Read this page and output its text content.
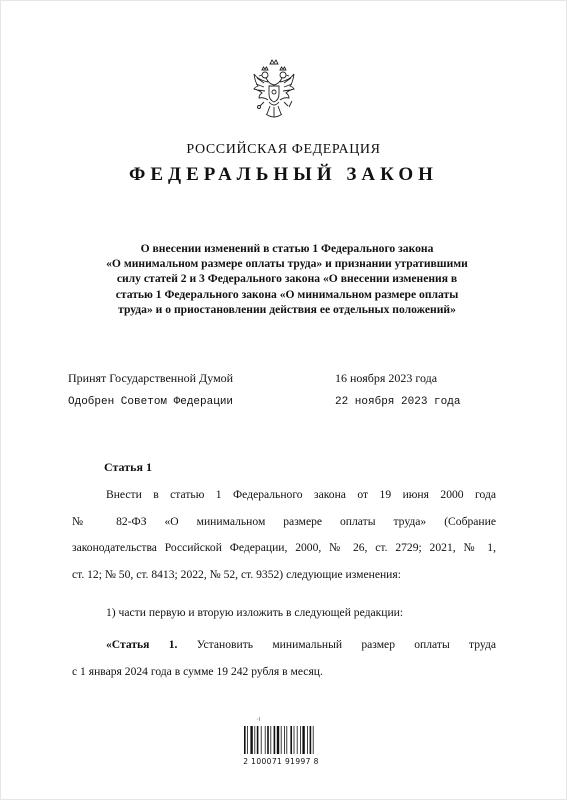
РОССИЙСКАЯ ФЕДЕРАЦИЯ
ФЕДЕРАЛЬНЫЙ ЗАКОН
О внесении изменений в статью 1 Федерального закона
«О минимальном размере оплаты труда» и признании утратившими
силу статей 2 и 3 Федерального закона «О внесении изменения в
статью 1 Федерального закона «О минимальном размере оплаты
труда» и о приостановлении действия ее отдельных положений»
Принят Государственной Думой	16 ноября 2023 года
Одобрен Советом Федерации	22 ноября 2023 года
Статья 1
Внести в статью 1 Федерального закона от 19 июня 2000 года
№ 82-ФЗ «О минимальном размере оплаты труда» (Собрание
законодательства Российской Федерации, 2000, № 26, ст. 2729; 2021, № 1,
ст. 12; № 50, ст. 8413; 2022, № 52, ст. 9352) следующие изменения:
1) части первую и вторую изложить в следующей редакции:
«Статья 1. Установить минимальный размер оплаты труда
с 1 января 2024 года в сумме 19 242 рубля в месяц.
◦ⅼ
2 100071 91997 8
